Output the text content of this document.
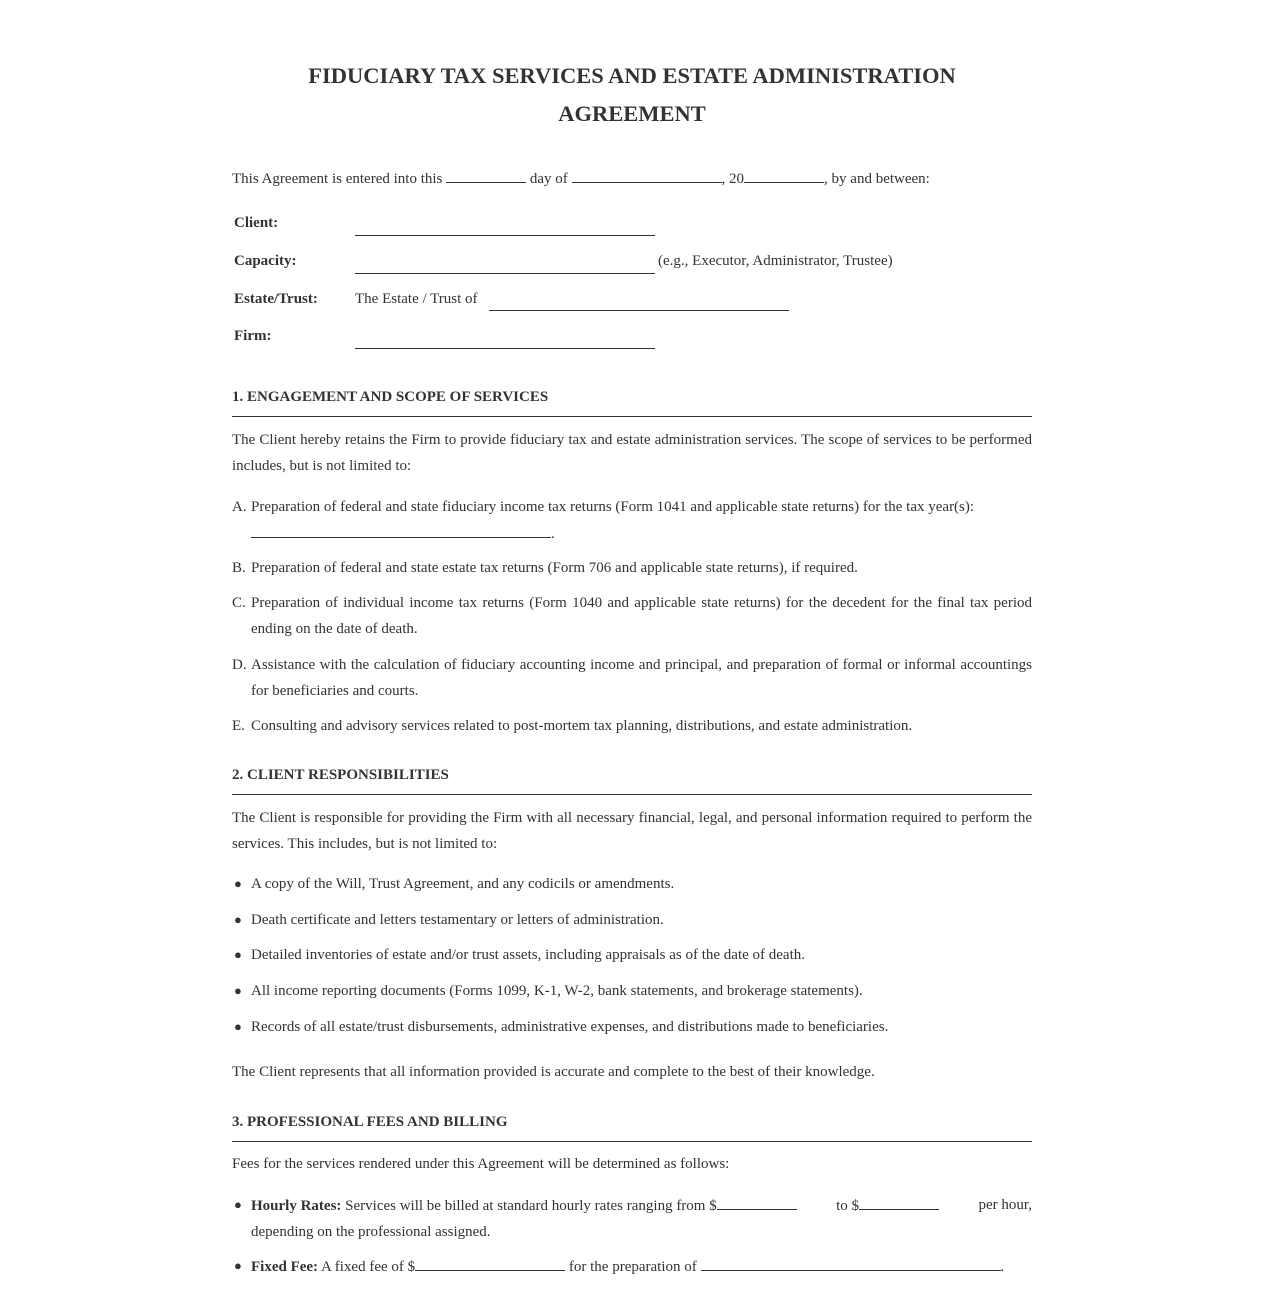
FIDUCIARY TAX SERVICES AND ESTATE ADMINISTRATION
AGREEMENT
This Agreement is entered into this	day of	, 20	, by and between:
Client:
Capacity:	(e.g., Executor, Administrator, Trustee)
Estate/Trust: The Estate / Trust of
Firm:
1. ENGAGEMENT AND SCOPE OF SERVICES
The Client hereby retains the Firm to provide fiduciary tax and estate administration services. The scope of services to be performed includes, but is not limited to:
A. Preparation of federal and state fiduciary income tax returns (Form 1041 and applicable state returns) for the tax year(s):
.
B. Preparation of federal and state estate tax returns (Form 706 and applicable state returns), if required.
C. Preparation of individual income tax returns (Form 1040 and applicable state returns) for the decedent for the final tax period ending on the date of death.
D. Assistance with the calculation of fiduciary accounting income and principal, and preparation of formal or informal accountings for beneficiaries and courts.
E. Consulting and advisory services related to post-mortem tax planning, distributions, and estate administration.
2. CLIENT RESPONSIBILITIES
The Client is responsible for providing the Firm with all necessary financial, legal, and personal information required to perform the services. This includes, but is not limited to:
● A copy of the Will, Trust Agreement, and any codicils or amendments.
● Death certificate and letters testamentary or letters of administration.
● Detailed inventories of estate and/or trust assets, including appraisals as of the date of death.
● All income reporting documents (Forms 1099, K-1, W-2, bank statements, and brokerage statements).
● Records of all estate/trust disbursements, administrative expenses, and distributions made to beneficiaries.
The Client represents that all information provided is accurate and complete to the best of their knowledge.
3. PROFESSIONAL FEES AND BILLING
Fees for the services rendered under this Agreement will be determined as follows:
● Hourly Rates: Services will be billed at standard hourly rates ranging from $	to $	per hour,
depending on the professional assigned.
● Fixed Fee: A fixed fee of $	for the preparation of	.
